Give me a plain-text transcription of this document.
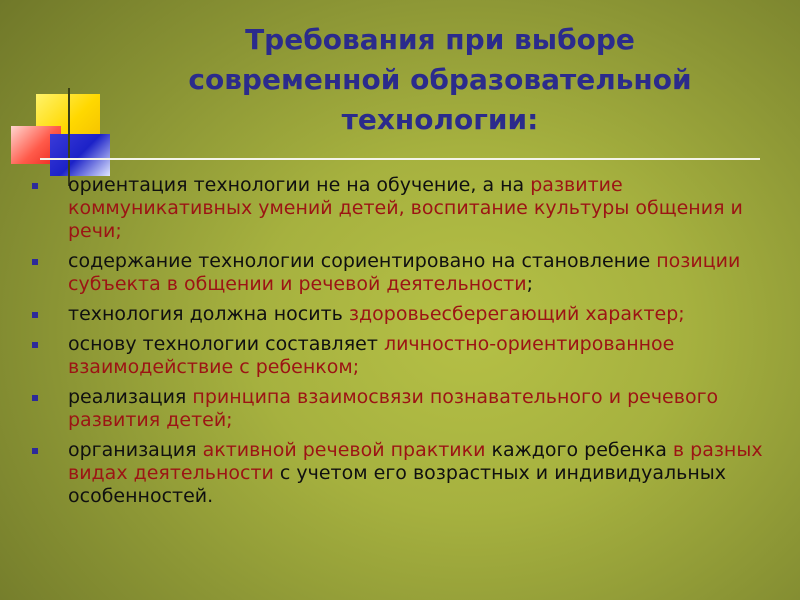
Требования при выборе
современной образовательной
технологии:
ориентация технологии не на обучение, а на развитие коммуникативных умений детей, воспитание культуры общения и речи;
содержание технологии сориентировано на становление позиции субъекта в общении и речевой деятельности;
технология должна носить здоровьесберегающий характер;
основу технологии составляет личностно-ориентированное взаимодействие с ребенком;
реализация принципа взаимосвязи познавательного и речевого развития детей;
организация активной речевой практики каждого ребенка в разных видах деятельности с учетом его возрастных и индивидуальных особенностей.
